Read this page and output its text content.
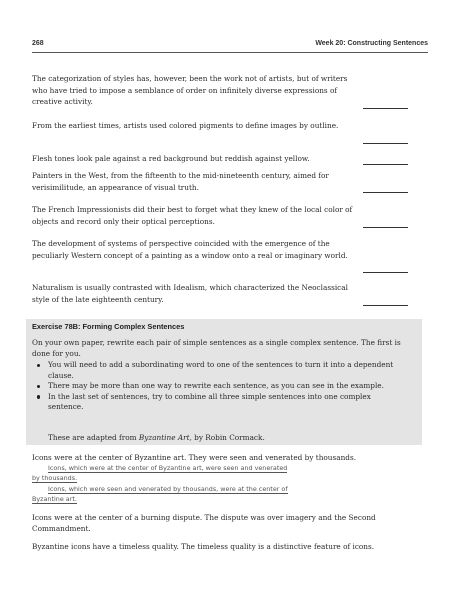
268	Week 20: Constructing Sentences
The categorization of styles has, however, been the work not of artists, but of writers who have tried to impose a semblance of order on infinitely diverse expressions of creative activity.
From the earliest times, artists used colored pigments to define images by outline.
Flesh tones look pale against a red background but reddish against yellow.
Painters in the West, from the fifteenth to the mid-nineteenth century, aimed for verisimilitude, an appearance of visual truth.
The French Impressionists did their best to forget what they knew of the local color of objects and record only their optical perceptions.
The development of systems of perspective coincided with the emergence of the peculiarly Western concept of a painting as a window onto a real or imaginary world.
Naturalism is usually contrasted with Idealism, which characterized the Neoclassical style of the late eighteenth century.
Exercise 78B: Forming Complex Sentences
On your own paper, rewrite each pair of simple sentences as a single complex sentence. The first is done for you.
You will need to add a subordinating word to one of the sentences to turn it into a dependent clause.
There may be more than one way to rewrite each sentence, as you can see in the example.
In the last set of sentences, try to combine all three simple sentences into one complex sentence.
These are adapted from Byzantine Art, by Robin Cormack.
Icons were at the center of Byzantine art. They were seen and venerated by thousands.
Icons, which were at the center of Byzantine art, were seen and venerated
by thousands.
Icons, which were seen and venerated by thousands, were at the center of
Byzantine art.
Icons were at the center of a burning dispute. The dispute was over imagery and the Second Commandment.
Byzantine icons have a timeless quality. The timeless quality is a distinctive feature of icons.
